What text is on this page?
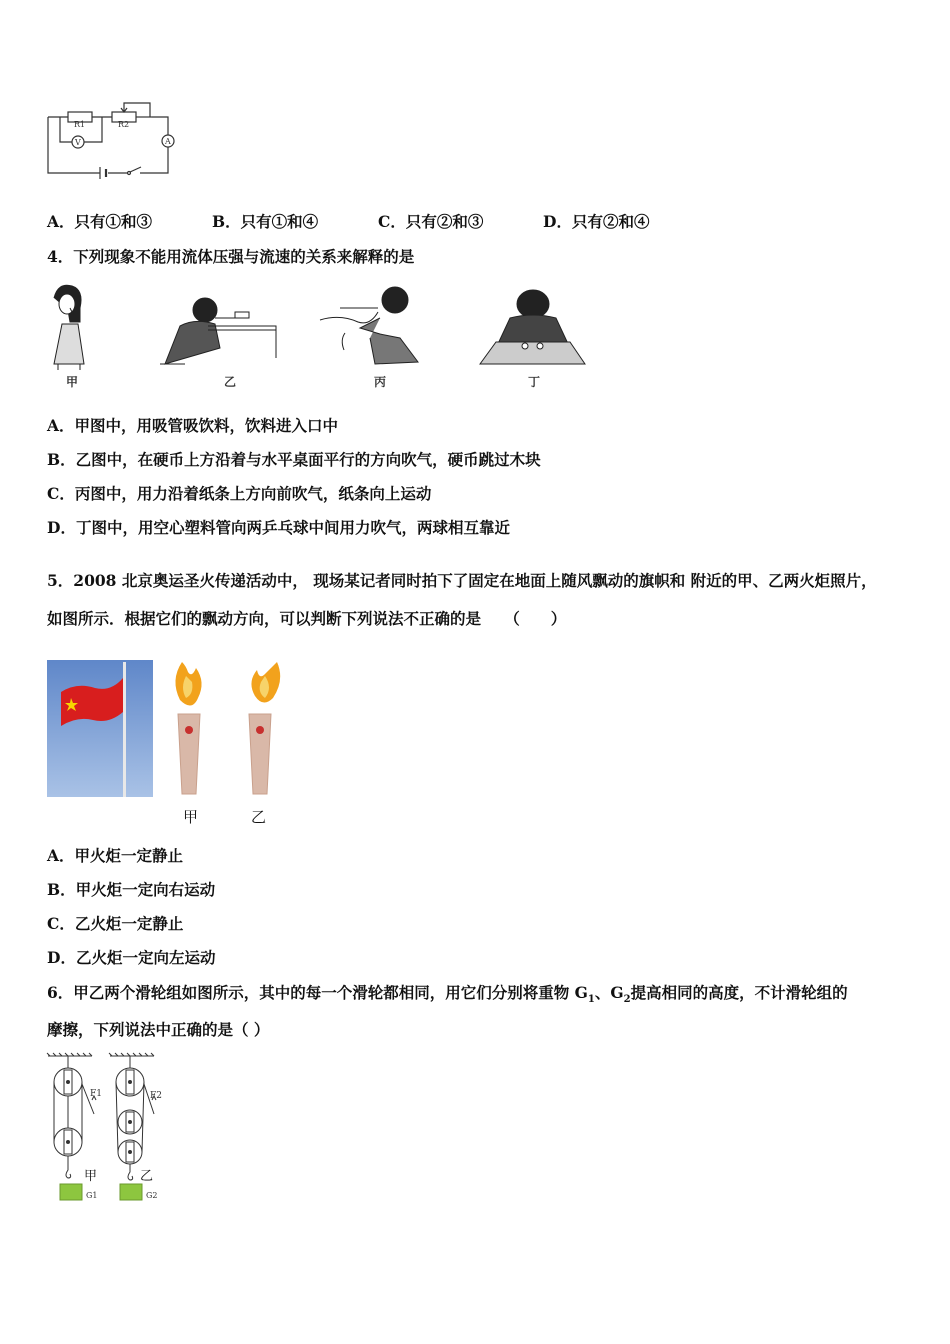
R1	R2
V	A
A．只有①和③	B．只有①和④	C．只有②和③	D．只有②和④
4．下列现象不能用流体压强与流速的关系来解释的是
甲	乙	丙	丁
A．甲图中，用吸管吸饮料，饮料进入口中
B．乙图中，在硬币上方沿着与水平桌面平行的方向吹气，硬币跳过木块
C．丙图中，用力沿着纸条上方向前吹气，纸条向上运动
D．丁图中，用空心塑料管向两乒乓球中间用力吹气，两球相互靠近
5．2008 北京奥运圣火传递活动中， 现场某记者同时拍下了固定在地面上随风飘动的旗帜和 附近的甲、乙两火炬照片，
如图所示．根据它们的飘动方向，可以判断下列说法不正确的是　　（　　）
甲	乙
A．甲火炬一定静止
B．甲火炬一定向右运动
C．乙火炬一定静止
D．乙火炬一定向左运动
6．甲乙两个滑轮组如图所示，其中的每一个滑轮都相同，用它们分别将重物 $G_1$、$G_2$提高相同的高度，不计滑轮组的
摩擦，下列说法中正确的是（ ）
F1	F2
甲	乙
G1	G2
